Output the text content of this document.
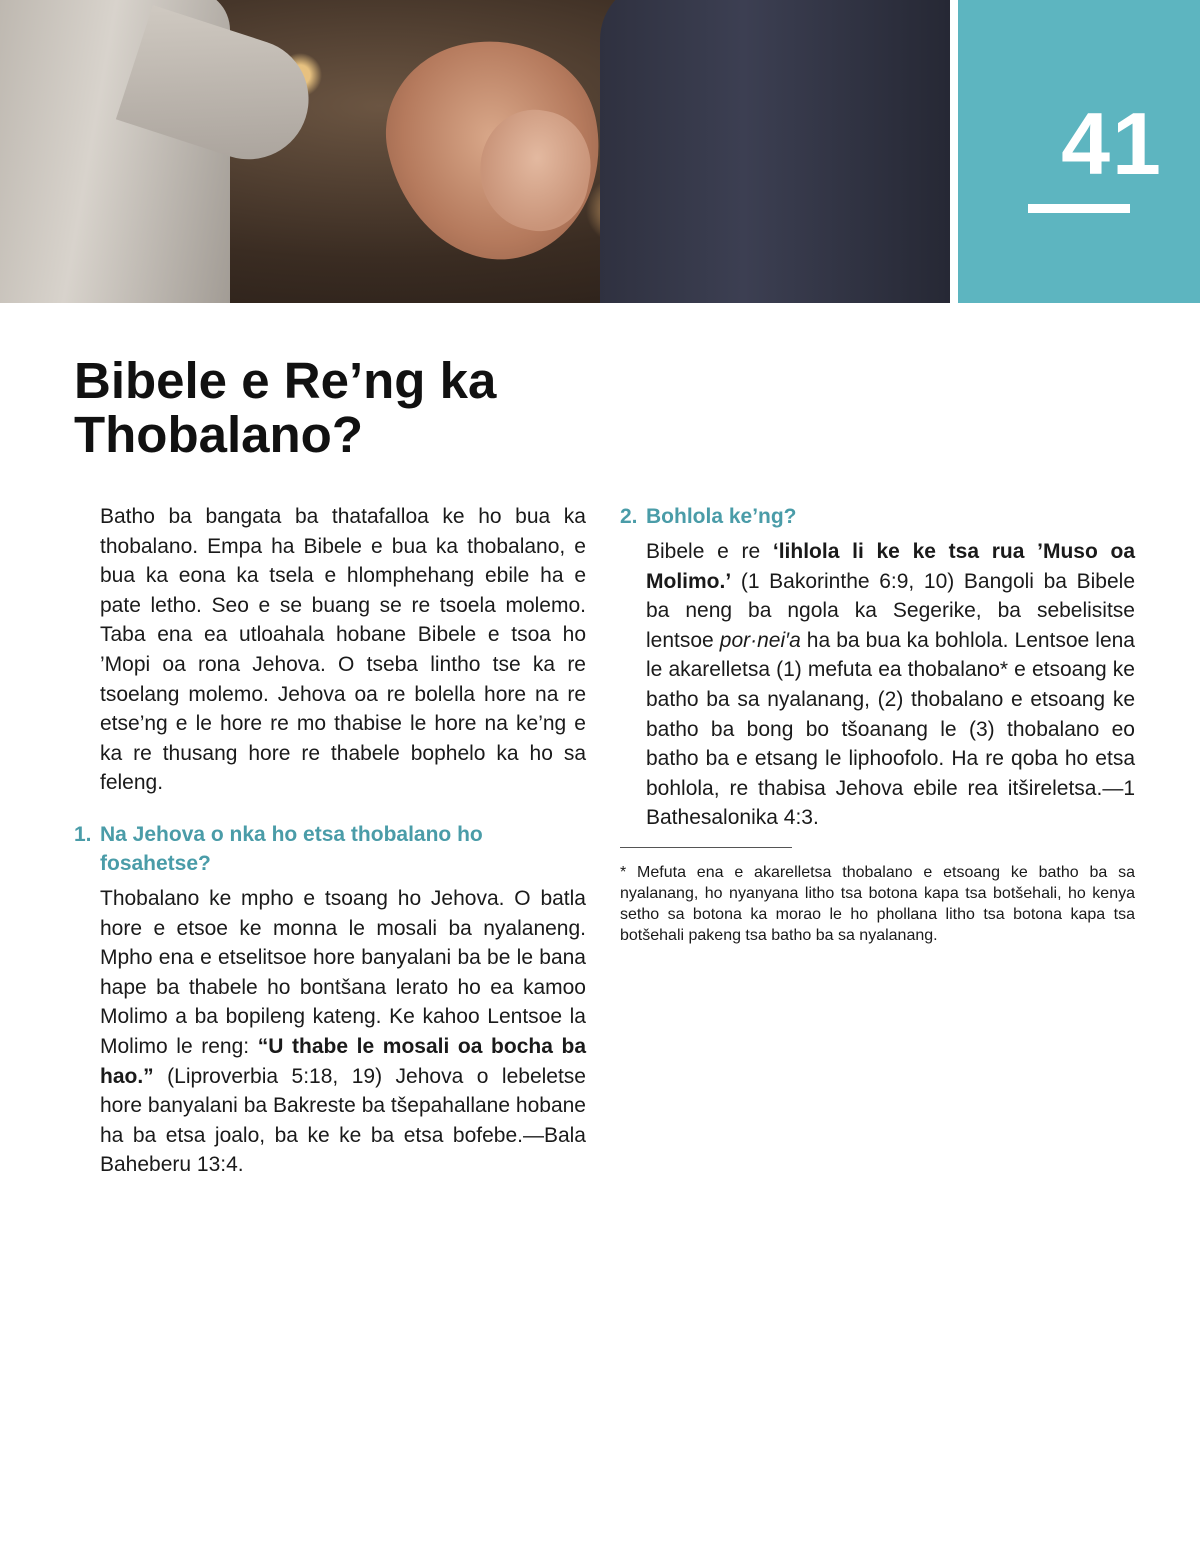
41
Bibele e Re’ng ka Thobalano?

Batho ba bangata ba thatafalloa ke ho bua ka thobalano. Empa ha Bibele e bua ka thobalano, e bua ka eona ka tsela e hlomphehang ebile ha e pate letho. Seo e se buang se re tsoela molemo. Taba ena ea utloahala hobane Bibele e tsoa ho ’Mopi oa rona Jehova. O tseba lintho tse ka re tsoelang molemo. Jehova oa re bolella hore na re etse’ng e le hore re mo thabise le hore na ke’ng e ka re thusang hore re thabele bophelo ka ho sa feleng.

1. Na Jehova o nka ho etsa thobalano ho fosahetse?

Thobalano ke mpho e tsoang ho Jehova. O batla hore e etsoe ke monna le mosali ba nyalaneng. Mpho ena e etselitsoe hore banyalani ba be le bana hape ba thabele ho bontšana lerato ho ea kamoo Molimo a ba bopileng kateng. Ke kahoo Lentsoe la Molimo le reng: “U thabe le mosali oa bocha ba hao.” (Liproverbia 5:18, 19) Jehova o lebeletse hore banyalani ba Bakreste ba tšepahallane hobane ha ba etsa joalo, ba ke ke ba etsa bofebe.—Bala Baheberu 13:4.

2. Bohlola ke’ng?

Bibele e re ‘lihlola li ke ke tsa rua ’Muso oa Molimo.’ (1 Bakorinthe 6:9, 10) Bangoli ba Bibele ba neng ba ngola ka Segerike, ba sebelisitse lentsoe por·nei′a ha ba bua ka bohlola. Lentsoe lena le akarelletsa (1) mefuta ea thobalano* e etsoang ke batho ba sa nyalanang, (2) thobalano e etsoang ke batho ba bong bo tšoanang le (3) thobalano eo batho ba e etsang le liphoofolo. Ha re qoba ho etsa bohlola, re thabisa Jehova ebile rea itšireletsa.—1 Bathesalonika 4:3.

* Mefuta ena e akarelletsa thobalano e etsoang ke batho ba sa nyalanang, ho nyanyana litho tsa botona kapa tsa botšehali, ho kenya setho sa botona ka morao le ho phollana litho tsa botona kapa tsa botšehali pakeng tsa batho ba sa nyalanang.
